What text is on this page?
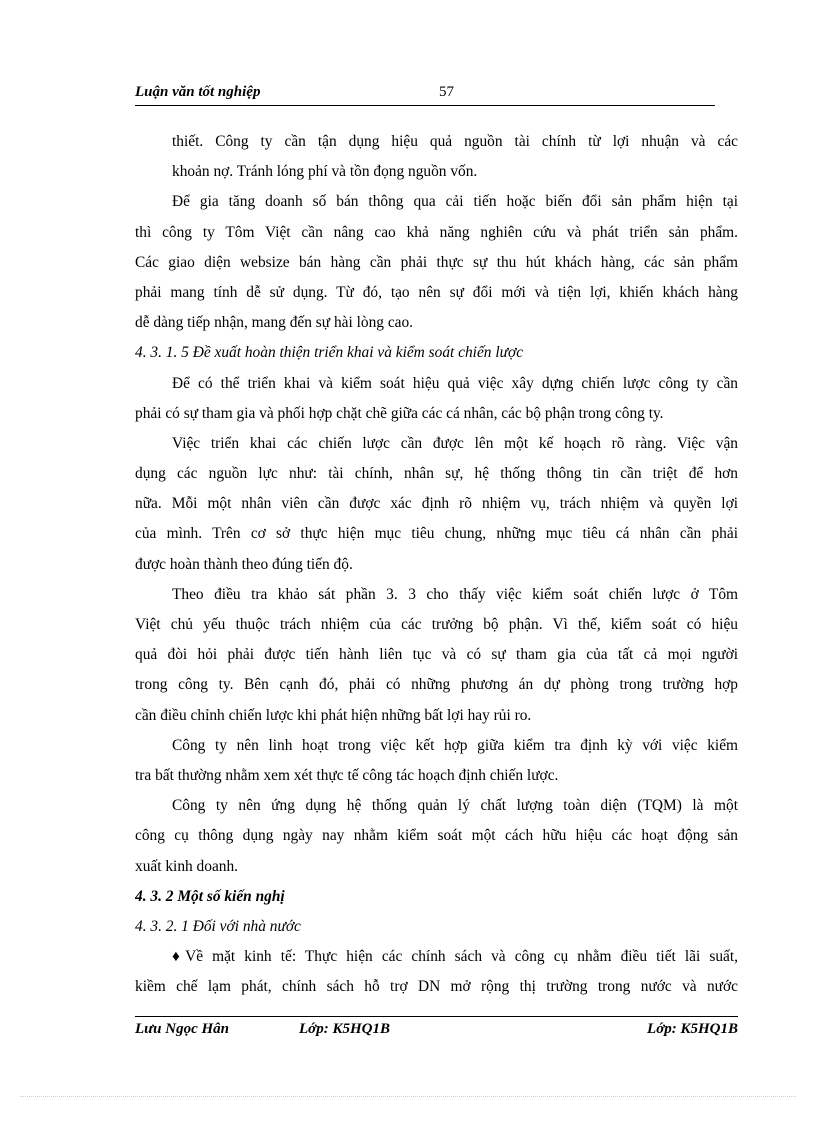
Luận văn tốt nghiệp	57
thiết. Công ty cần tận dụng hiệu quả nguồn tài chính từ lợi nhuận và các
khoản nợ. Tránh lóng phí và tồn đọng nguồn vốn.
Để gia tăng doanh số bán thông qua cải tiến hoặc biến đổi sản phẩm hiện tại
thì công ty Tôm Việt cần nâng cao khả năng nghiên cứu và phát triển sản phẩm.
Các giao diện websize bán hàng cần phải thực sự thu hút khách hàng, các sản phẩm
phải mang tính dễ sử dụng. Từ đó, tạo nên sự đổi mới và tiện lợi, khiến khách hàng
dễ dàng tiếp nhận, mang đến sự hài lòng cao.
4. 3. 1. 5 Đề xuất hoàn thiện triển khai và kiểm soát chiến lược
Để có thể triển khai và kiểm soát hiệu quả việc xây dựng chiến lược công ty cần
phải có sự tham gia và phối hợp chặt chẽ giữa các cá nhân, các bộ phận trong công ty.
Việc triển khai các chiến lược cần được lên một kế hoạch rõ ràng. Việc vận
dụng các nguồn lực như: tài chính, nhân sự, hệ thống thông tin cần triệt để hơn
nữa. Mỗi một nhân viên cần được xác định rõ nhiệm vụ, trách nhiệm và quyền lợi
của mình. Trên cơ sở thực hiện mục tiêu chung, những mục tiêu cá nhân cần phải
được hoàn thành theo đúng tiến độ.
Theo điều tra khảo sát phần 3. 3 cho thấy việc kiểm soát chiến lược ở Tôm
Việt chủ yếu thuộc trách nhiệm của các trưởng bộ phận. Vì thế, kiểm soát có hiệu
quả đòi hỏi phải được tiến hành liên tục và có sự tham gia của tất cả mọi người
trong công ty. Bên cạnh đó, phải có những phương án dự phòng trong trường hợp
cần điều chỉnh chiến lược khi phát hiện những bất lợi hay rủi ro.
Công ty nên linh hoạt trong việc kết hợp giữa kiểm tra định kỳ với việc kiểm
tra bất thường nhằm xem xét thực tế công tác hoạch định chiến lược.
Công ty nên ứng dụng hệ thống quản lý chất lượng toàn diện (TQM) là một
công cụ thông dụng ngày nay nhằm kiểm soát một cách hữu hiệu các hoạt động sản
xuất kinh doanh.
4. 3. 2 Một số kiến nghị
4. 3. 2. 1 Đối với nhà nước
♦Về mặt kinh tế: Thực hiện các chính sách và công cụ nhằm điều tiết lãi suất,
kiềm chế lạm phát, chính sách hỗ trợ DN mở rộng thị trường trong nước và nước
Lưu Ngọc Hân	Lớp: K5HQ1B	Lớp: K5HQ1B
